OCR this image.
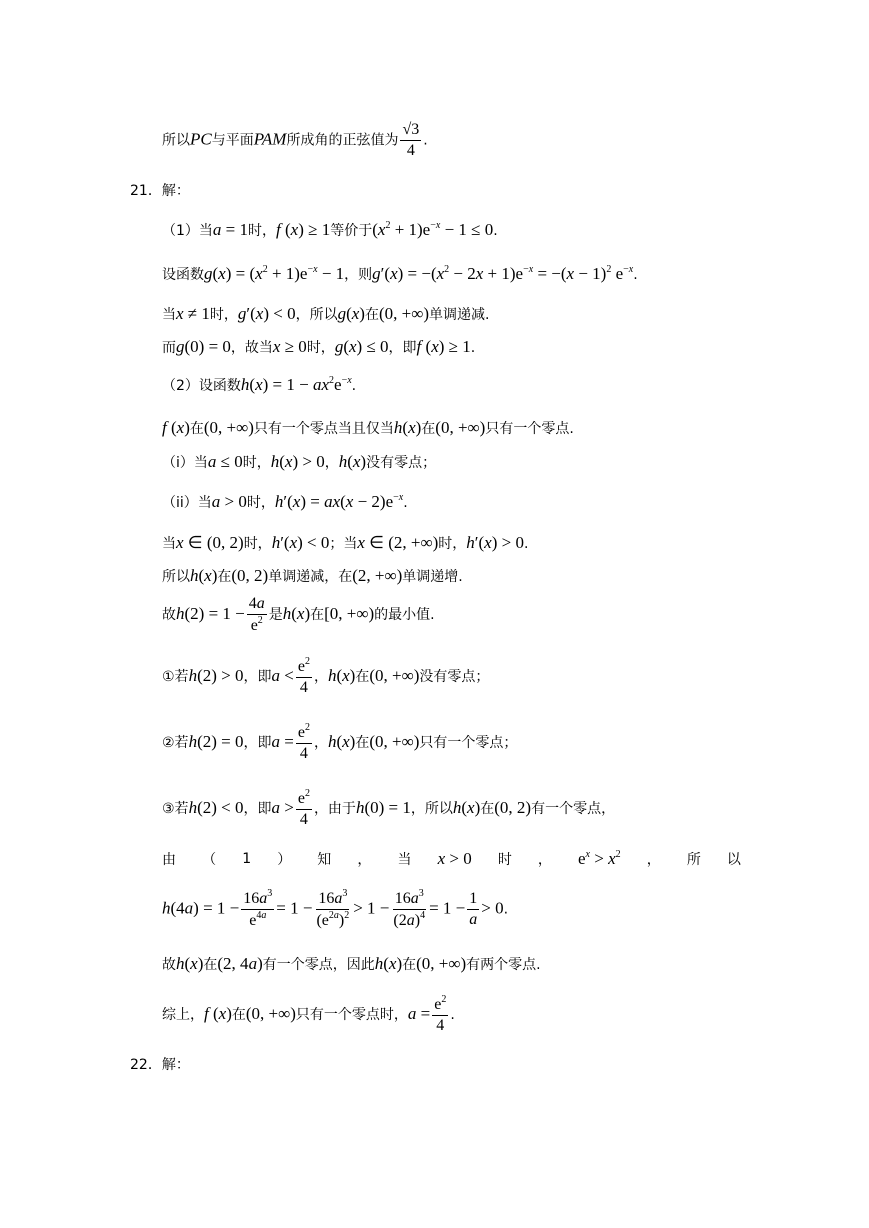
所以PC与平面PAM所成角的正弦值为 $\frac{√3}{4}$ .
21．解：
（1）当a = 1时，f (x) ≥ 1等价于$(x^2 + 1)e^{-x} - 1 \le 0$.
设函数$g(x) = (x^2 + 1)e^{-x} - 1$，则$g'(x) = -(x^2 - 2x + 1)e^{-x} = -(x - 1)^2$ $e^{-x}$.
当x ≠ 1时，g′(x) < 0，所以g(x)在(0, +∞)单调递减.
而g(0) = 0，故当x ≥ 0时，g(x) ≤ 0，即f (x) ≥ 1.
（2）设函数$h(x) = 1 - ax^2e^{-x}$.
f (x)在(0, +∞)只有一个零点当且仅当h(x)在(0, +∞)只有一个零点.
（i）当a ≤ 0时，h(x) > 0，h(x)没有零点；
（ii）当a > 0时，$h'(x) = ax(x - 2)e^{-x}$.
当x ∈ (0, 2)时，h′(x) < 0；当x ∈ (2, +∞)时，h′(x) > 0.
所以h(x)在(0, 2)单调递减，在(2, +∞)单调递增.
故$h(2) = 1 - \frac{4a}{e^2}$ 是h(x)在[0, +∞)的最小值.
①若h(2) > 0，即$a < \frac{e^2}{4}$ ，h(x)在(0, +∞)没有零点；
②若h(2) = 0，即$a = \frac{e^2}{4}$ ，h(x)在(0, +∞)只有一个零点；
③若h(2) < 0，即$a > \frac{e^2}{4}$ ，由于h(0) = 1，所以h(x)在(0, 2)有一个零点，
由 （ 1 ） 知 ， 当 x > 0 时 ， $e^x > x^2$ ， 所 以
$h(4a) = 1 - \frac{16a^3}{e^{4a}} = 1 - \frac{16a^3}{(e^{2a})^2} > 1 - \frac{16a^3}{(2a)^4} = 1 - \frac{1}{a} > 0$.
故h(x)在(2, 4a)有一个零点，因此h(x)在(0, +∞)有两个零点.
综上，f (x)在(0, +∞)只有一个零点时，$a = \frac{e^2}{4}$ .
22．解：
